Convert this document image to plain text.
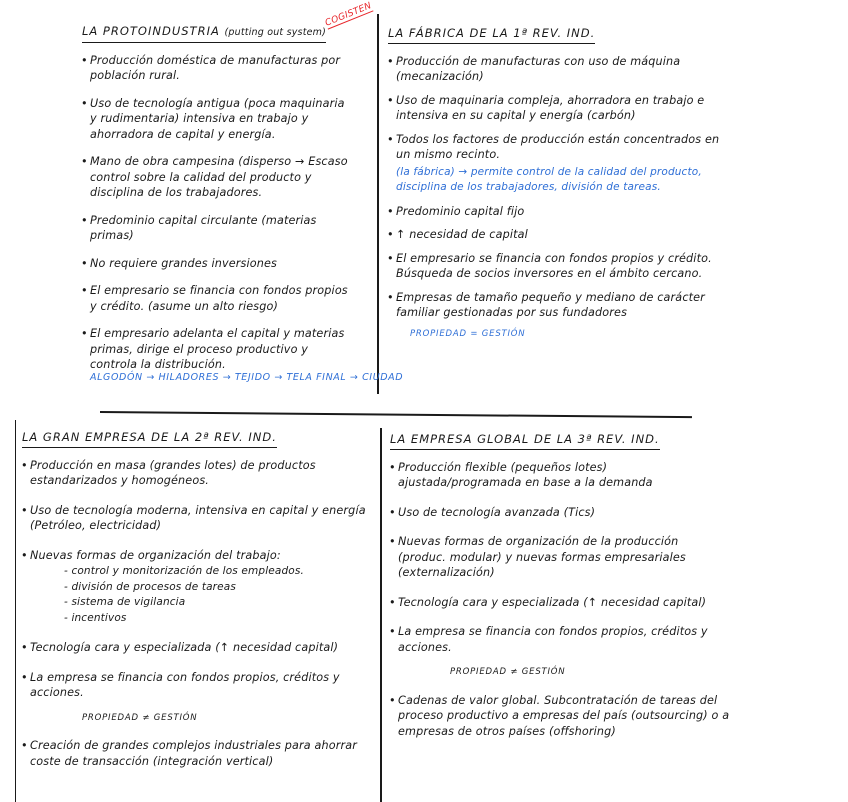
LA PROTOINDUSTRIA (putting out system)
• Producción doméstica de manufacturas por población rural.
• Uso de tecnología antigua (poca maquinaria y rudimentaria) intensiva en trabajo y ahorradora de capital y energía.
• Mano de obra campesina (disperso → Escaso control sobre la calidad del producto y disciplina de los trabajadores.
• Predominio capital circulante (materias primas)
• No requiere grandes inversiones
• El empresario se financia con fondos propios y crédito. (asume un alto riesgo)
• El empresario adelanta el capital y materias primas, dirige el proceso productivo y controla la distribución.
COGISTEN
ALGODÓN → HILADORES → TEJIDO → TELA FINAL → CIUDAD
LA FÁBRICA DE LA 1ª REV. IND.
• Producción de manufacturas con uso de máquina (mecanización)
• Uso de maquinaria compleja, ahorradora en trabajo e intensiva en su capital y energía (carbón)
• Todos los factores de producción están concentrados en un mismo recinto.
(la fábrica) → permite control de la calidad del producto, disciplina de los trabajadores, división de tareas.
• Predominio capital fijo
• ↑ necesidad de capital
• El empresario se financia con fondos propios y crédito. Búsqueda de socios inversores en el ámbito cercano.
• Empresas de tamaño pequeño y mediano de carácter familiar gestionadas por sus fundadores
PROPIEDAD = GESTIÓN
LA GRAN EMPRESA DE LA 2ª REV. IND.
• Producción en masa (grandes lotes) de productos estandarizados y homogéneos.
• Uso de tecnología moderna, intensiva en capital y energía (Petróleo, electricidad)
• Nuevas formas de organización del trabajo:
- control y monitorización de los empleados.
- división de procesos de tareas
- sistema de vigilancia
- incentivos
• Tecnología cara y especializada (↑ necesidad capital)
• La empresa se financia con fondos propios, créditos y acciones.
PROPIEDAD ≠ GESTIÓN
• Creación de grandes complejos industriales para ahorrar coste de transacción (integración vertical)
LA EMPRESA GLOBAL DE LA 3ª REV. IND.
• Producción flexible (pequeños lotes) ajustada/programada en base a la demanda
• Uso de tecnología avanzada (Tics)
• Nuevas formas de organización de la producción (produc. modular) y nuevas formas empresariales (externalización)
• Tecnología cara y especializada (↑ necesidad capital)
• La empresa se financia con fondos propios, créditos y acciones.
PROPIEDAD ≠ GESTIÓN
• Cadenas de valor global. Subcontratación de tareas del proceso productivo a empresas del país (outsourcing) o a empresas de otros países (offshoring)
